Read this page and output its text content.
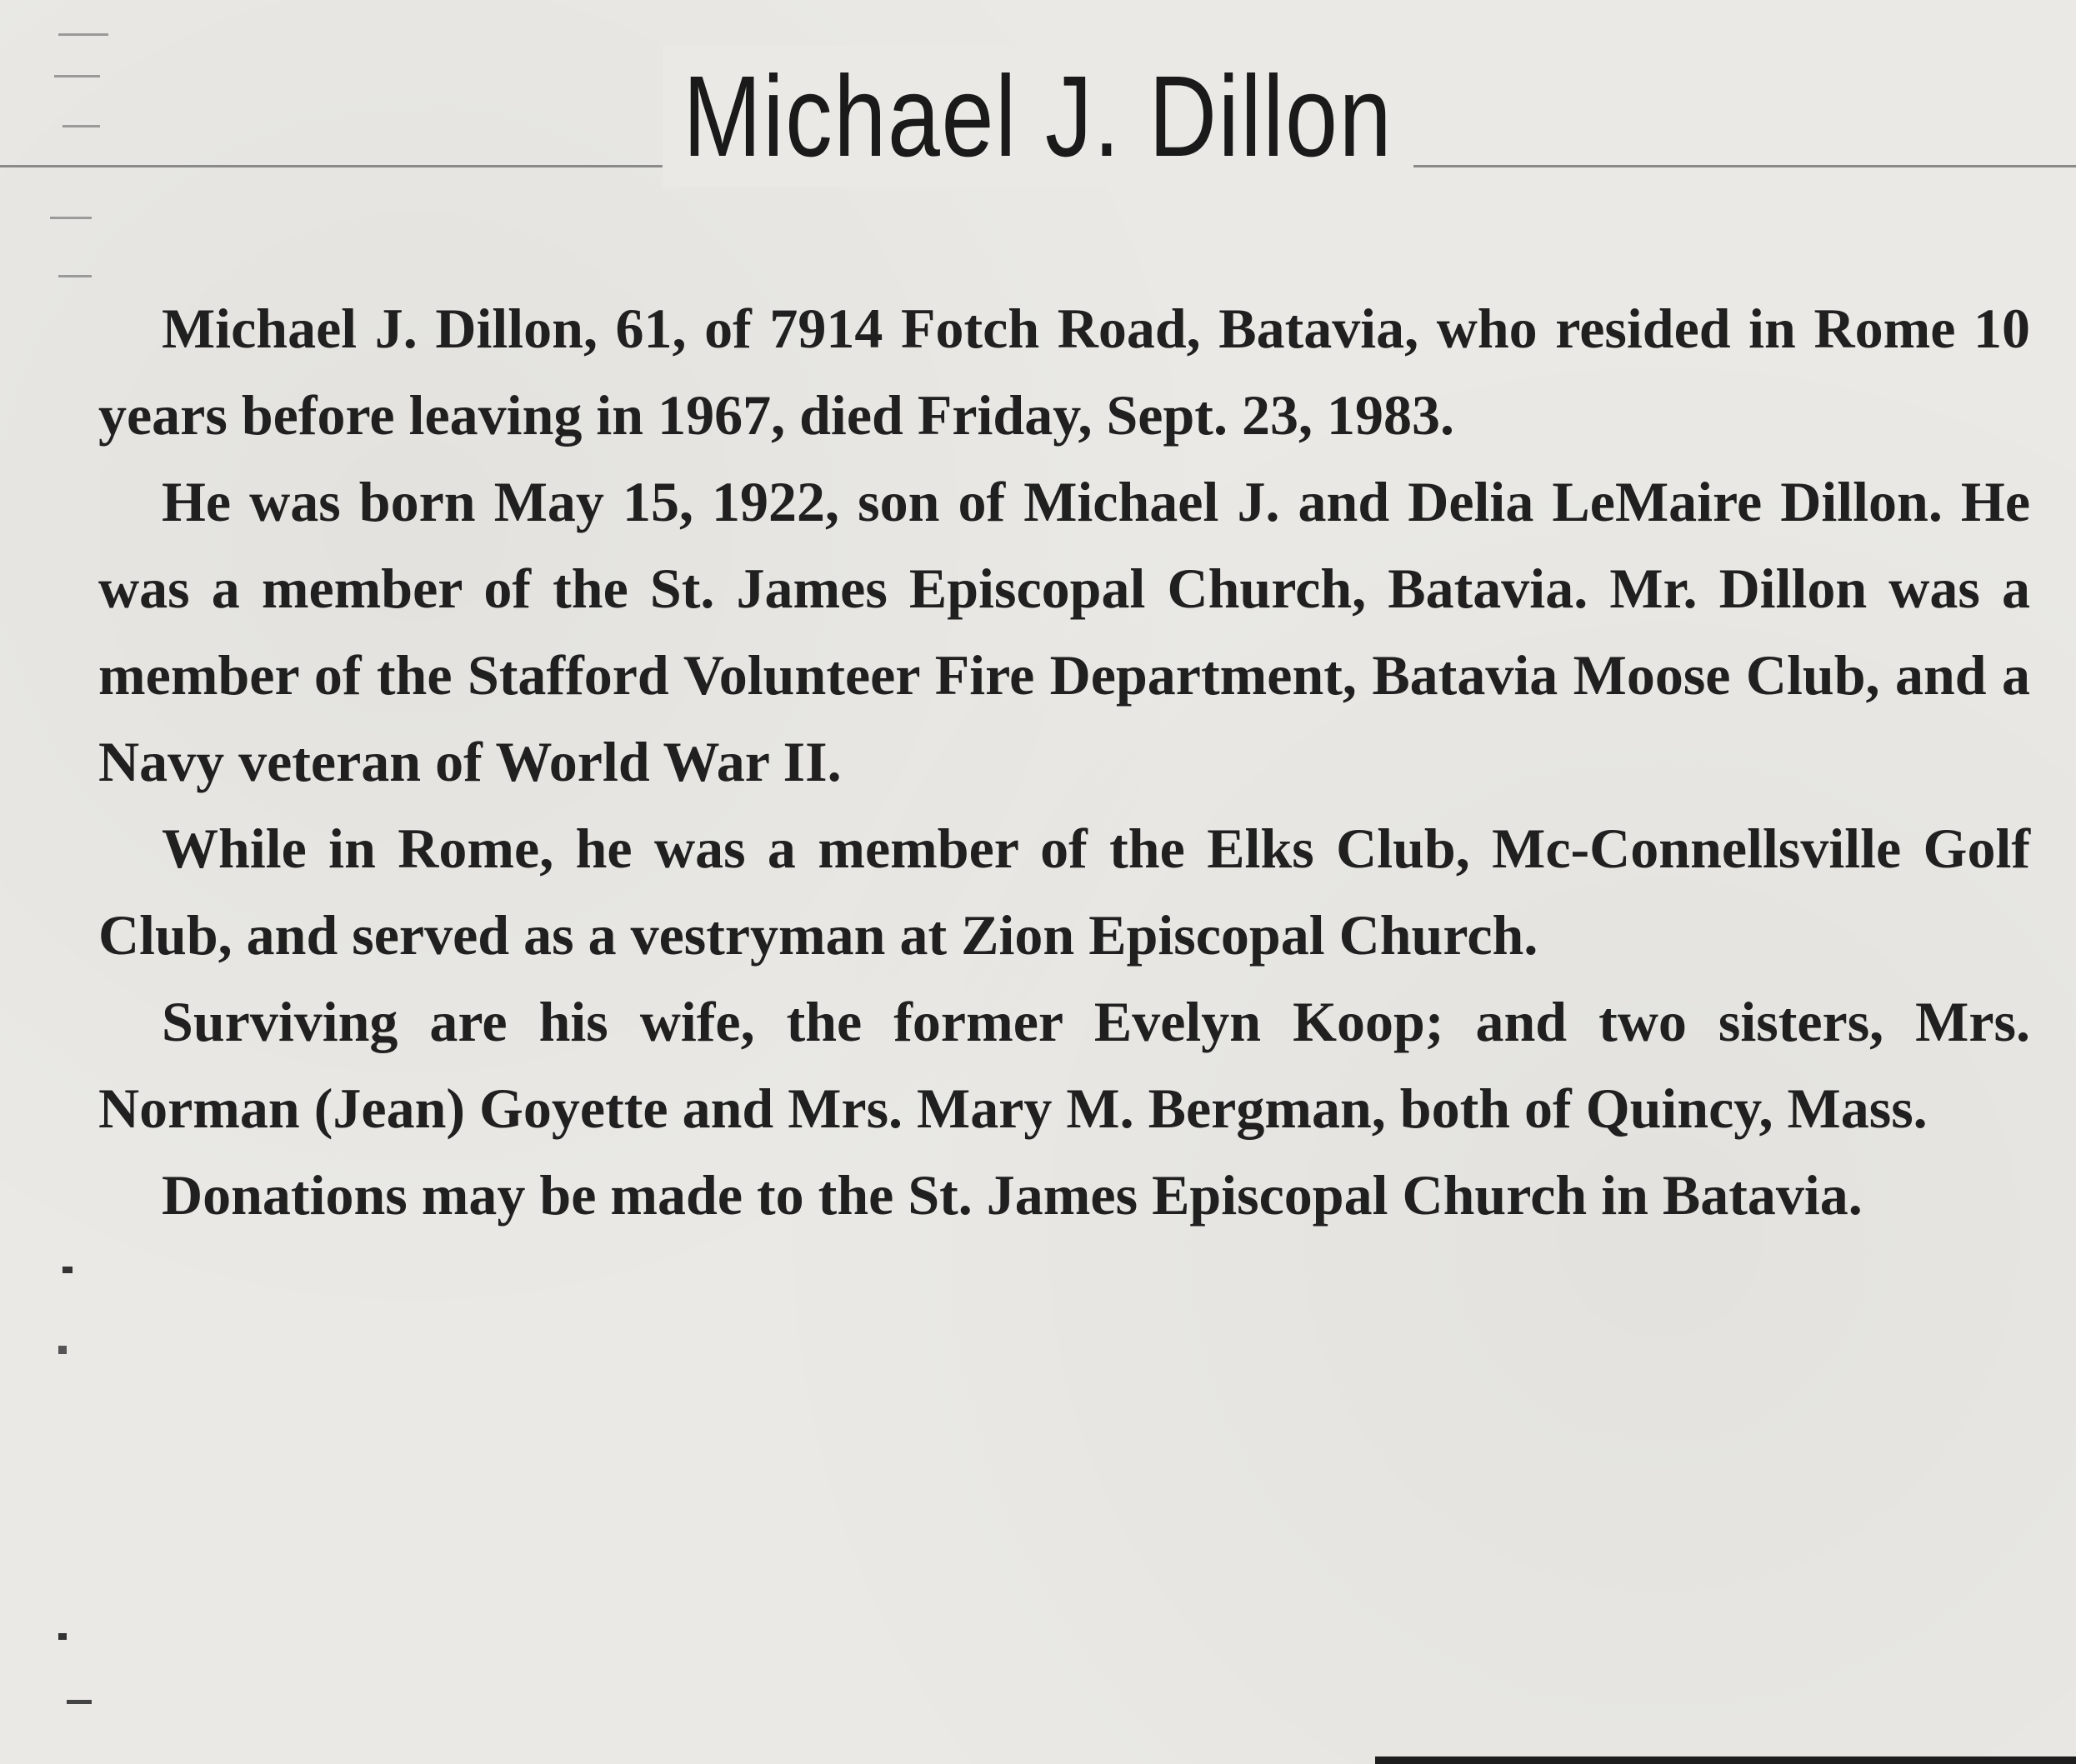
Michael J. Dillon

Michael J. Dillon, 61, of 7914 Fotch Road, Batavia, who resided in Rome 10 years before leaving in 1967, died Friday, Sept. 23, 1983.

He was born May 15, 1922, son of Michael J. and Delia LeMaire Dillon. He was a member of the St. James Episcopal Church, Batavia. Mr. Dillon was a member of the Stafford Volunteer Fire Department, Batavia Moose Club, and a Navy veteran of World War II.

While in Rome, he was a member of the Elks Club, Mc-Connellsville Golf Club, and served as a vestryman at Zion Episcopal Church.

Surviving are his wife, the former Evelyn Koop; and two sisters, Mrs. Norman (Jean) Goyette and Mrs. Mary M. Bergman, both of Quincy, Mass.

Donations may be made to the St. James Episcopal Church in Batavia.
